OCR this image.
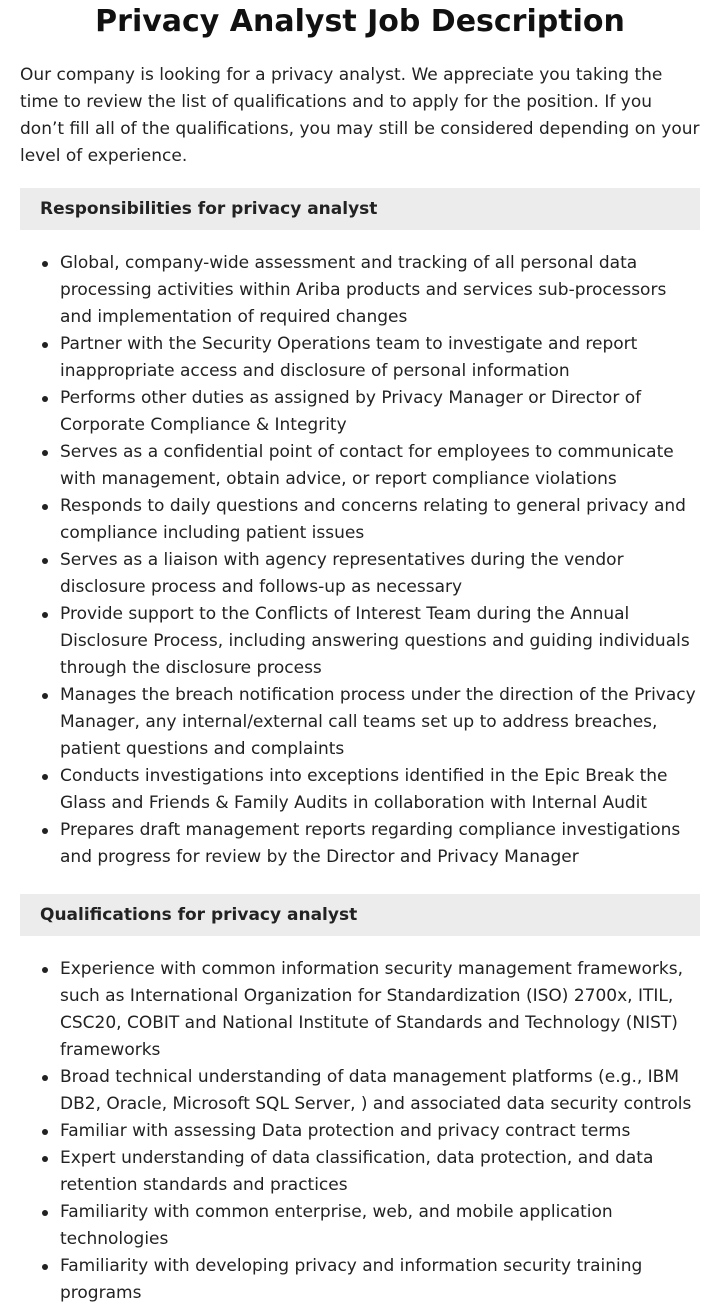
Privacy Analyst Job Description

Our company is looking for a privacy analyst. We appreciate you taking the time to review the list of qualifications and to apply for the position. If you don’t fill all of the qualifications, you may still be considered depending on your level of experience.

Responsibilities for privacy analyst
Global, company-wide assessment and tracking of all personal data processing activities within Ariba products and services sub-processors and implementation of required changes
Partner with the Security Operations team to investigate and report inappropriate access and disclosure of personal information
Performs other duties as assigned by Privacy Manager or Director of Corporate Compliance & Integrity
Serves as a confidential point of contact for employees to communicate with management, obtain advice, or report compliance violations
Responds to daily questions and concerns relating to general privacy and compliance including patient issues
Serves as a liaison with agency representatives during the vendor disclosure process and follows-up as necessary
Provide support to the Conflicts of Interest Team during the Annual Disclosure Process, including answering questions and guiding individuals through the disclosure process
Manages the breach notification process under the direction of the Privacy Manager, any internal/external call teams set up to address breaches, patient questions and complaints
Conducts investigations into exceptions identified in the Epic Break the Glass and Friends & Family Audits in collaboration with Internal Audit
Prepares draft management reports regarding compliance investigations and progress for review by the Director and Privacy Manager
Qualifications for privacy analyst
Experience with common information security management frameworks, such as International Organization for Standardization (ISO) 2700x, ITIL, CSC20, COBIT and National Institute of Standards and Technology (NIST) frameworks
Broad technical understanding of data management platforms (e.g., IBM DB2, Oracle, Microsoft SQL Server, ) and associated data security controls
Familiar with assessing Data protection and privacy contract terms
Expert understanding of data classification, data protection, and data retention standards and practices
Familiarity with common enterprise, web, and mobile application technologies
Familiarity with developing privacy and information security training programs
